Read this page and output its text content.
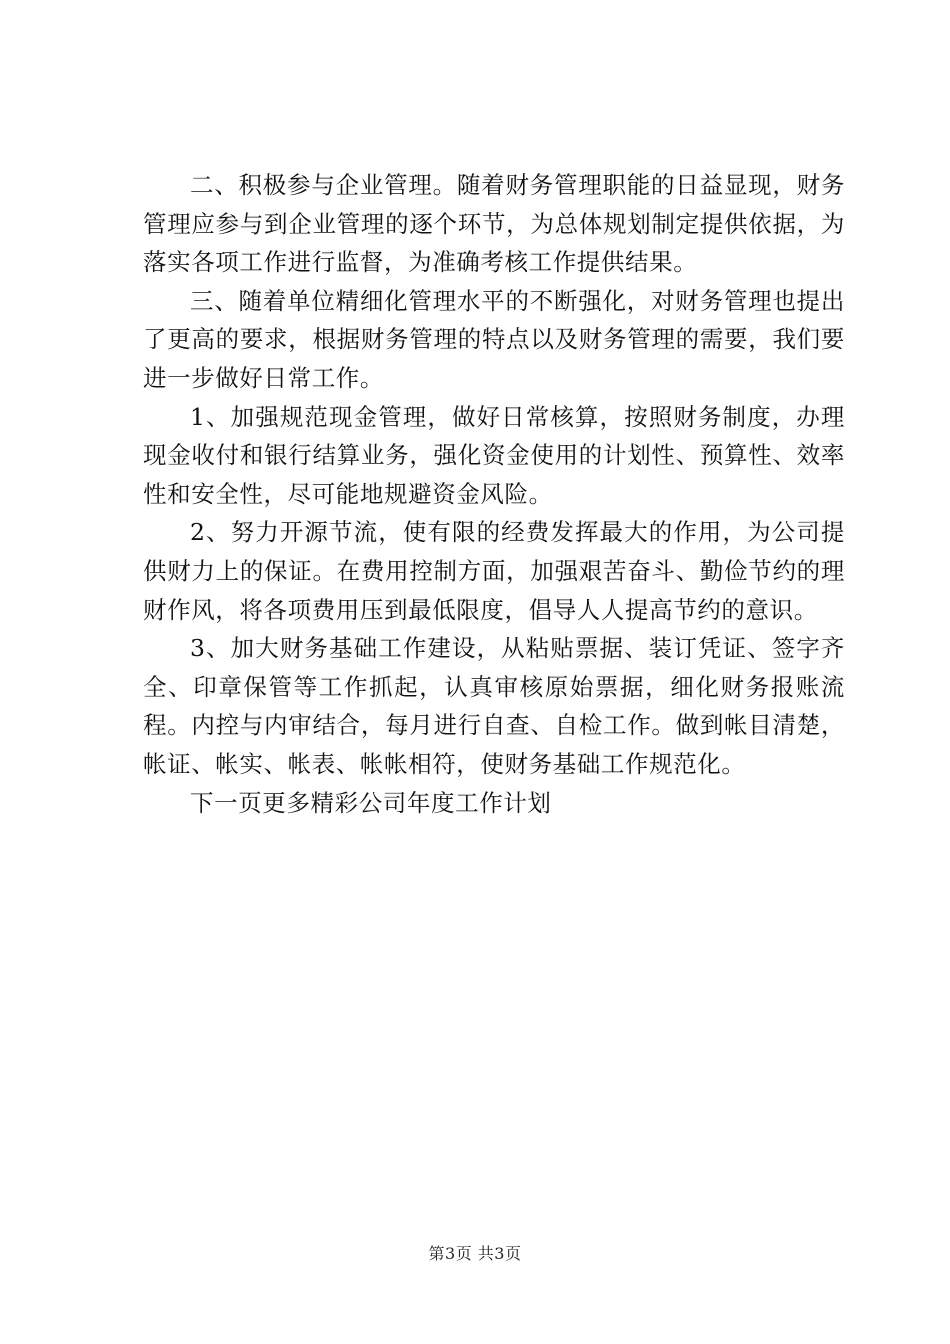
二、积极参与企业管理。随着财务管理职能的日益显现，财务管理应参与到企业管理的逐个环节，为总体规划制定提供依据，为落实各项工作进行监督，为准确考核工作提供结果。

三、随着单位精细化管理水平的不断强化，对财务管理也提出了更高的要求，根据财务管理的特点以及财务管理的需要，我们要进一步做好日常工作。

1、加强规范现金管理，做好日常核算，按照财务制度，办理现金收付和银行结算业务，强化资金使用的计划性、预算性、效率性和安全性，尽可能地规避资金风险。

2、努力开源节流，使有限的经费发挥最大的作用，为公司提供财力上的保证。在费用控制方面，加强艰苦奋斗、勤俭节约的理财作风，将各项费用压到最低限度，倡导人人提高节约的意识。

3、加大财务基础工作建设，从粘贴票据、装订凭证、签字齐全、印章保管等工作抓起，认真审核原始票据，细化财务报账流程。内控与内审结合，每月进行自查、自检工作。做到帐目清楚，帐证、帐实、帐表、帐帐相符，使财务基础工作规范化。

下一页更多精彩公司年度工作计划

第3页 共3页
